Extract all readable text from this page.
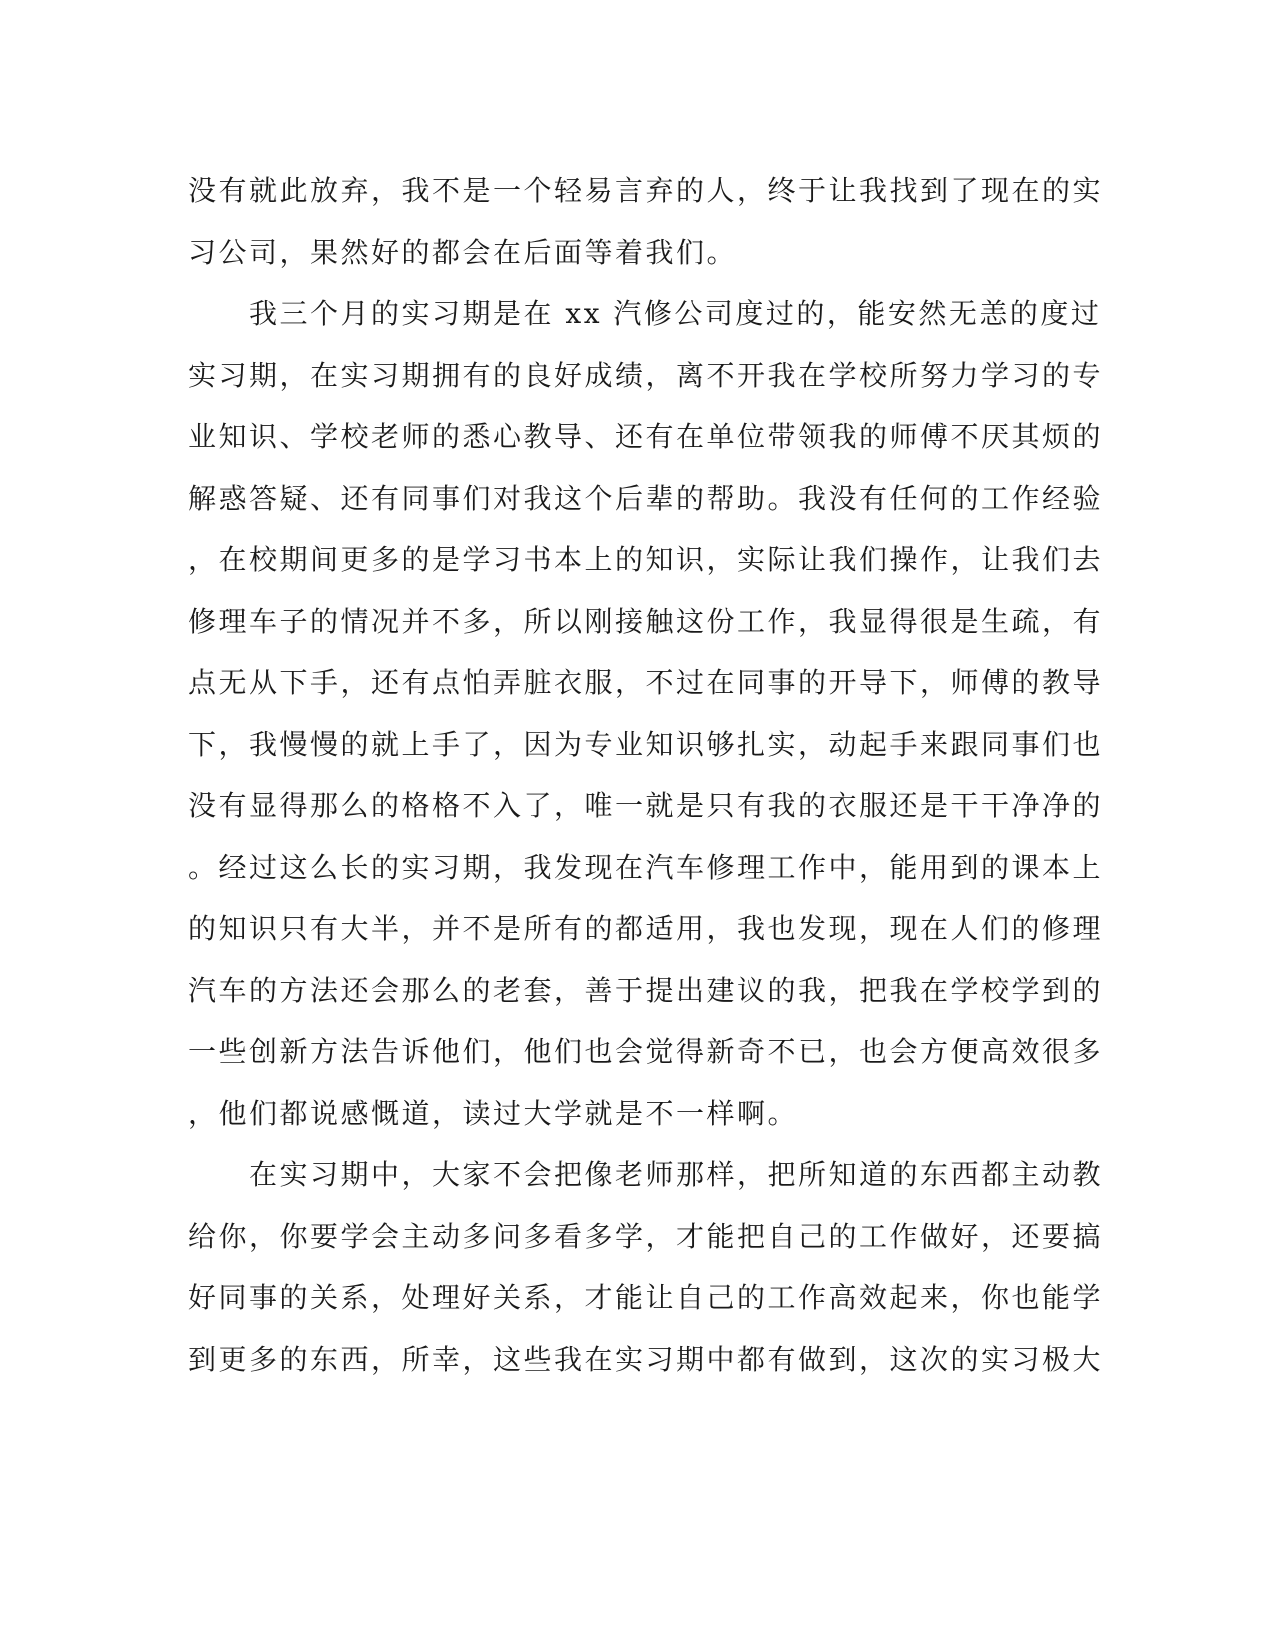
没有就此放弃，我不是一个轻易言弃的人，终于让我找到了现在的实
习公司，果然好的都会在后面等着我们。
　　我三个月的实习期是在 xx 汽修公司度过的，能安然无恙的度过
实习期，在实习期拥有的良好成绩，离不开我在学校所努力学习的专
业知识、学校老师的悉心教导、还有在单位带领我的师傅不厌其烦的
解惑答疑、还有同事们对我这个后辈的帮助。我没有任何的工作经验
，在校期间更多的是学习书本上的知识，实际让我们操作，让我们去
修理车子的情况并不多，所以刚接触这份工作，我显得很是生疏，有
点无从下手，还有点怕弄脏衣服，不过在同事的开导下，师傅的教导
下，我慢慢的就上手了，因为专业知识够扎实，动起手来跟同事们也
没有显得那么的格格不入了，唯一就是只有我的衣服还是干干净净的
。经过这么长的实习期，我发现在汽车修理工作中，能用到的课本上
的知识只有大半，并不是所有的都适用，我也发现，现在人们的修理
汽车的方法还会那么的老套，善于提出建议的我，把我在学校学到的
一些创新方法告诉他们，他们也会觉得新奇不已，也会方便高效很多
，他们都说感慨道，读过大学就是不一样啊。
　　在实习期中，大家不会把像老师那样，把所知道的东西都主动教
给你，你要学会主动多问多看多学，才能把自己的工作做好，还要搞
好同事的关系，处理好关系，才能让自己的工作高效起来，你也能学
到更多的东西，所幸，这些我在实习期中都有做到，这次的实习极大
